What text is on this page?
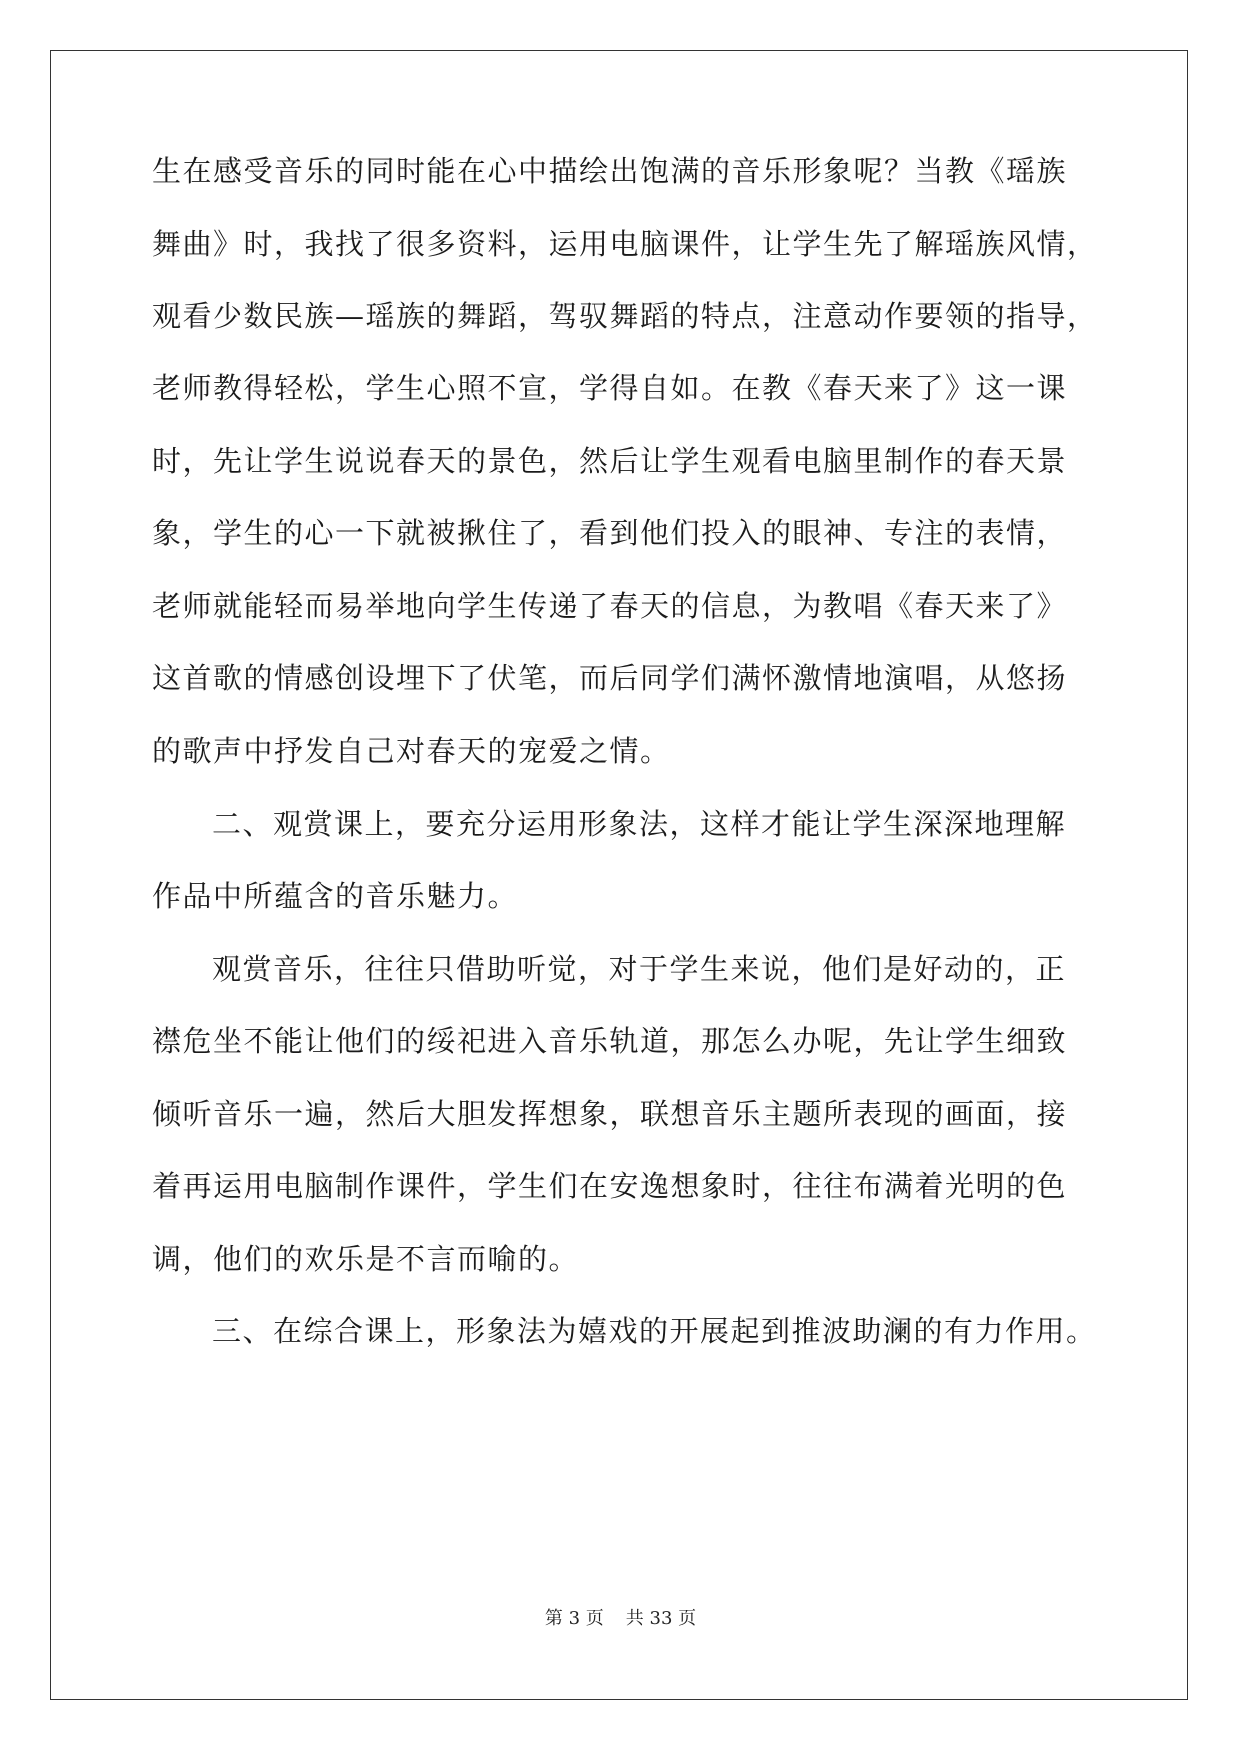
生在感受音乐的同时能在心中描绘出饱满的音乐形象呢？当教《瑶族
舞曲》时，我找了很多资料，运用电脑课件，让学生先了解瑶族风情，
观看少数民族—瑶族的舞蹈，驾驭舞蹈的特点，注意动作要领的指导，
老师教得轻松，学生心照不宣，学得自如。在教《春天来了》这一课
时，先让学生说说春天的景色，然后让学生观看电脑里制作的春天景
象，学生的心一下就被揪住了，看到他们投入的眼神、专注的表情，
老师就能轻而易举地向学生传递了春天的信息，为教唱《春天来了》
这首歌的情感创设埋下了伏笔，而后同学们满怀激情地演唱，从悠扬
的歌声中抒发自己对春天的宠爱之情。
二、观赏课上，要充分运用形象法，这样才能让学生深深地理解
作品中所蕴含的音乐魅力。
观赏音乐，往往只借助听觉，对于学生来说，他们是好动的，正
襟危坐不能让他们的绥祀进入音乐轨道，那怎么办呢，先让学生细致
倾听音乐一遍，然后大胆发挥想象，联想音乐主题所表现的画面，接
着再运用电脑制作课件，学生们在安逸想象时，往往布满着光明的色
调，他们的欢乐是不言而喻的。
三、在综合课上，形象法为嬉戏的开展起到推波助澜的有力作用。
第 3 页 共 33 页
